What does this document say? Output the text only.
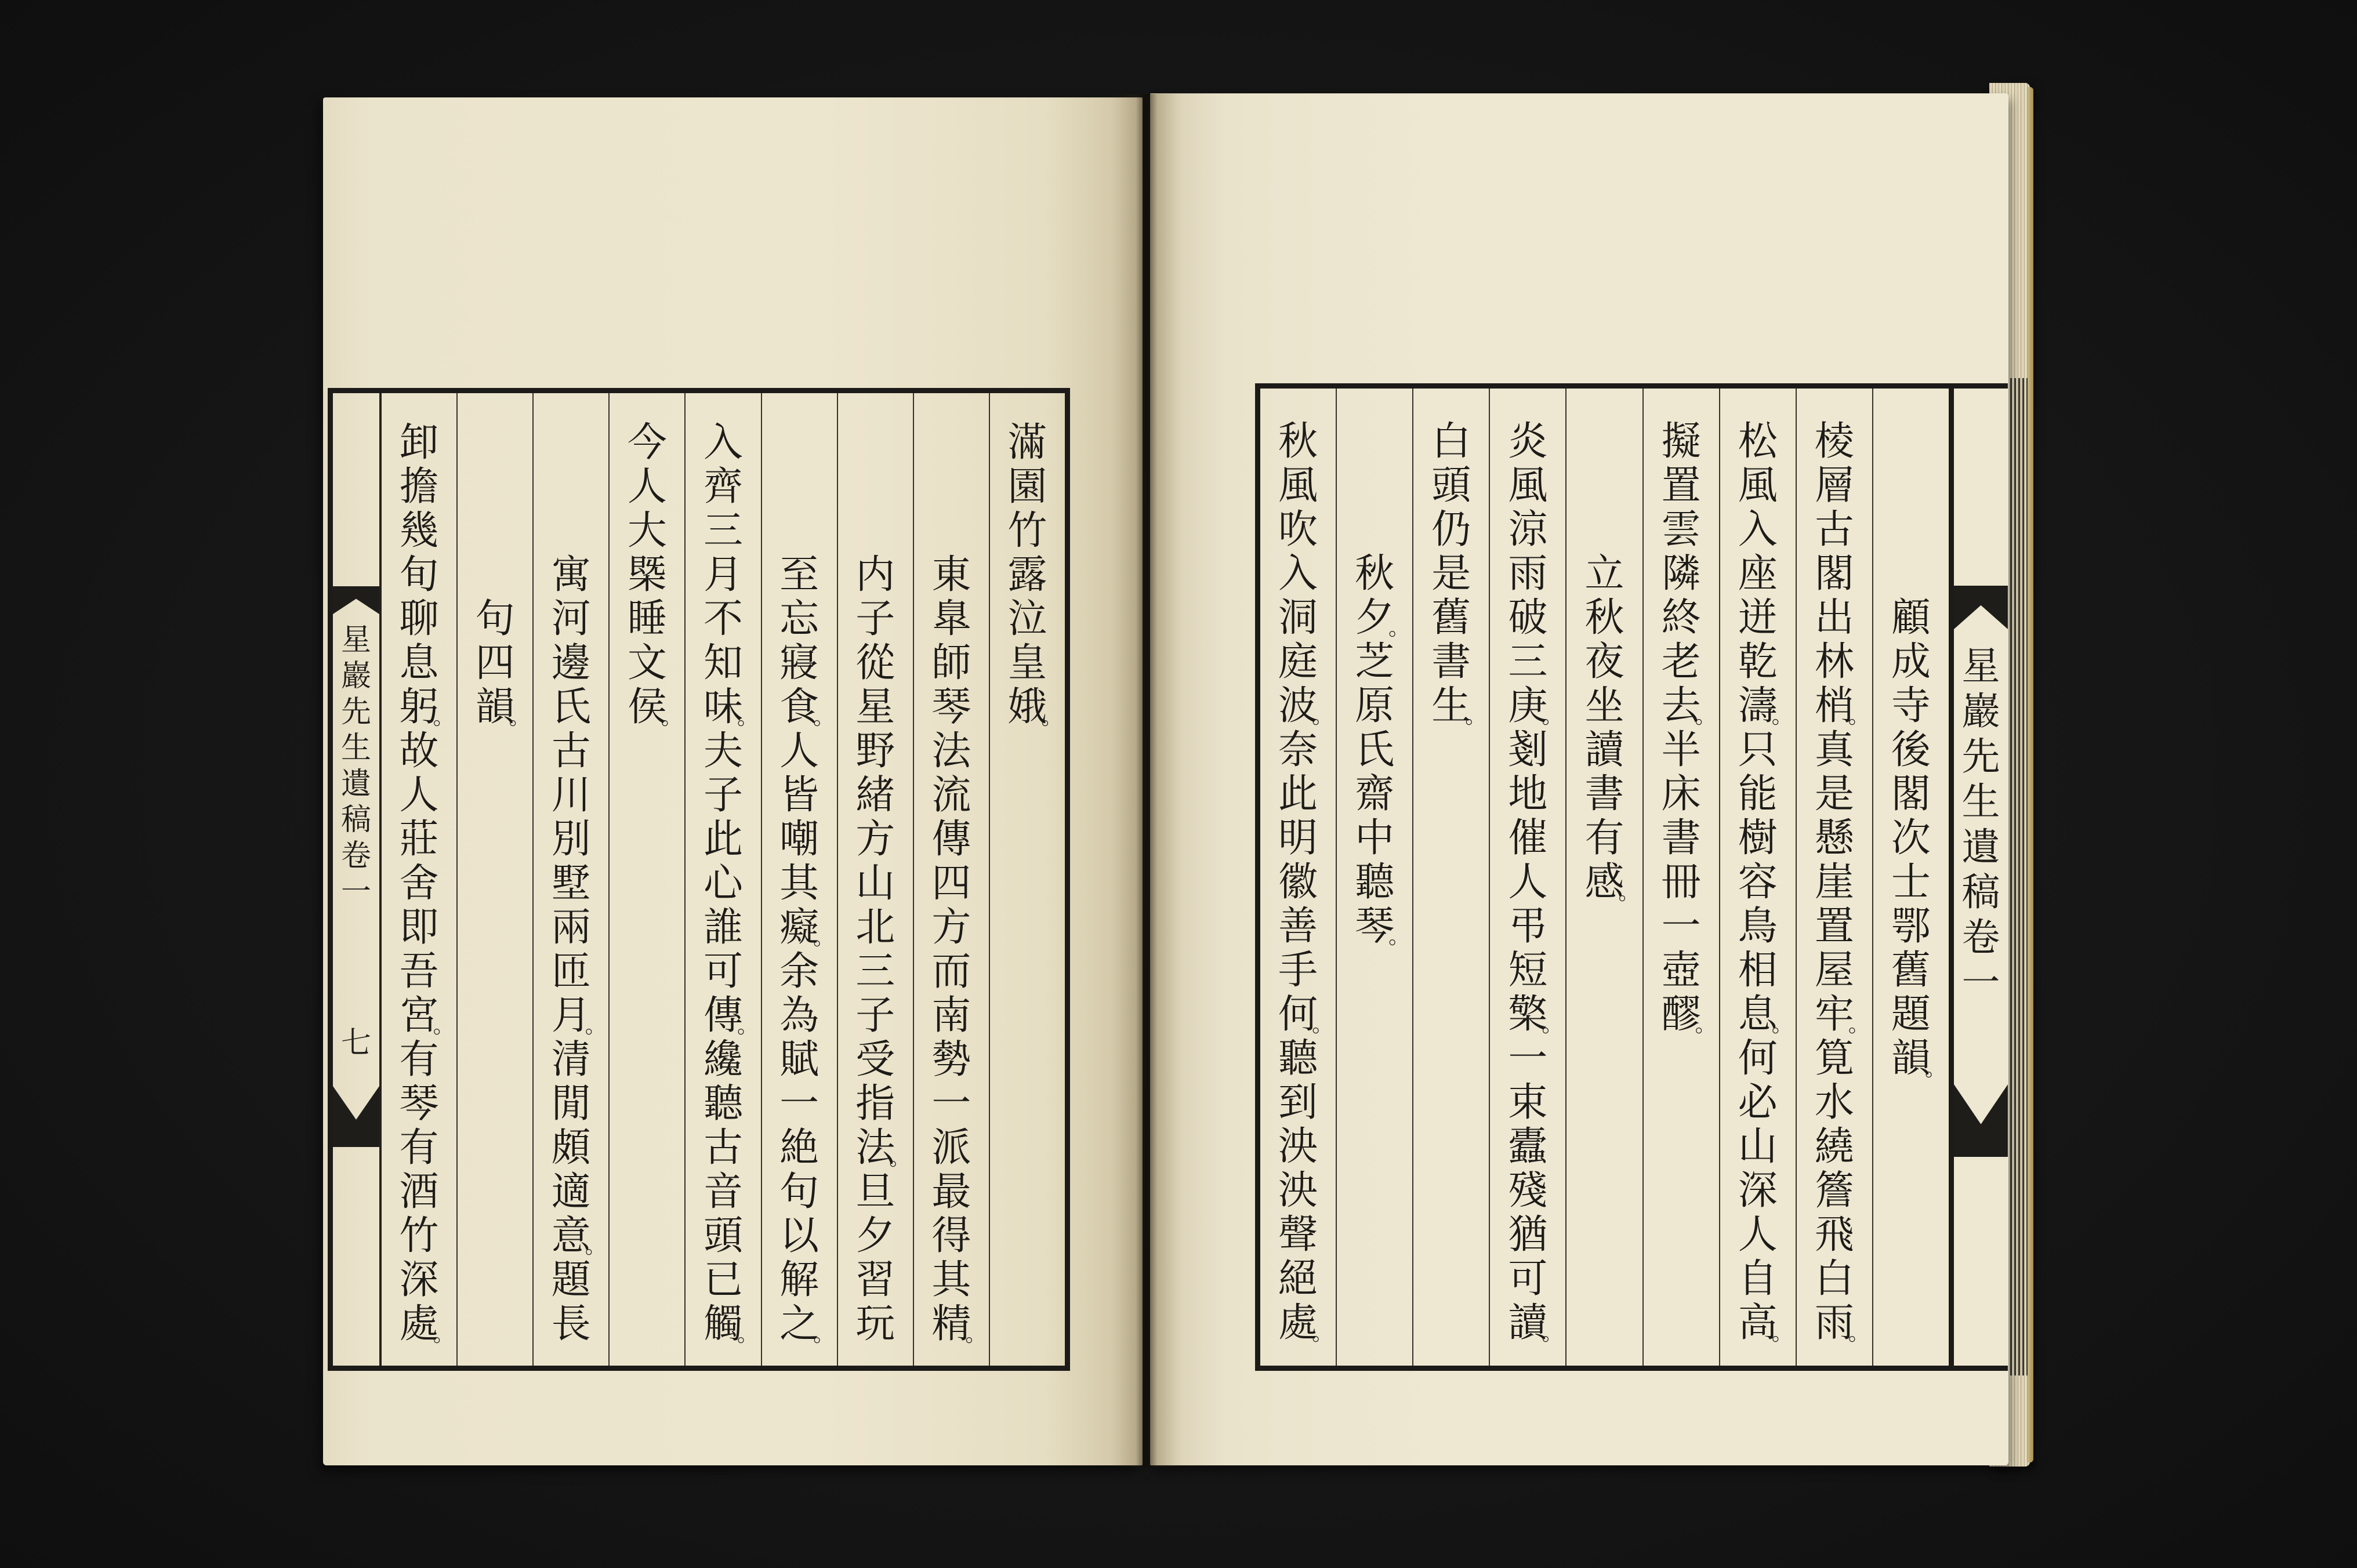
星
巖
先
生
遺
稿
卷
一
七
滿
園
竹
露
泣
皇
娥
。
東
臯
師
琴
法
流
傳
四
方
而
南
勢
一
派
最
得
其
精
。
内
子
從
星
野
緒
方
山
北
三
子
受
指
法
。
旦
夕
習
玩
至
忘
寢
食
。
人
皆
嘲
其
癡
。
余
為
賦
一
絶
句
以
解
之
。
入
齊
三
月
不
知
味
。
夫
子
此
心
誰
可
傳
。
纔
聽
古
音
頭
已
觸
。
今
人
大
槩
睡
文
侯
。
寓
河
邊
氏
古
川
別
墅
兩
匝
月
。
清
閒
頗
適
意
。
題
長
句
四
韻
。
卸
擔
幾
旬
聊
息
躬
。
故
人
莊
舍
即
吾
宮
。
有
琴
有
酒
竹
深
處
。
顧
成
寺
後
閣
次
士
鄂
舊
題
韻
。
棱
層
古
閣
出
林
梢
。
真
是
懸
崖
置
屋
牢
。
筧
水
繞
簷
飛
白
雨
。
松
風
入
座
迸
乾
濤
。
只
能
樹
容
鳥
相
息
。
何
必
山
深
人
自
高
。
擬
置
雲
隣
終
老
去
。
半
床
書
冊
一
壺
醪
。
立
秋
夜
坐
讀
書
有
感
。
炎
風
涼
雨
破
三
庚
。
剗
地
催
人
弔
短
檠
。
一
束
蠹
殘
猶
可
讀
。
白
頭
仍
是
舊
書
生
。
秋
夕
。
芝
原
氏
齋
中
聽
琴
。
秋
風
吹
入
洞
庭
波
。
奈
此
明
徽
善
手
何
。
聽
到
泱
泱
聲
絕
處
。
星
巖
先
生
遺
稿
卷
一
